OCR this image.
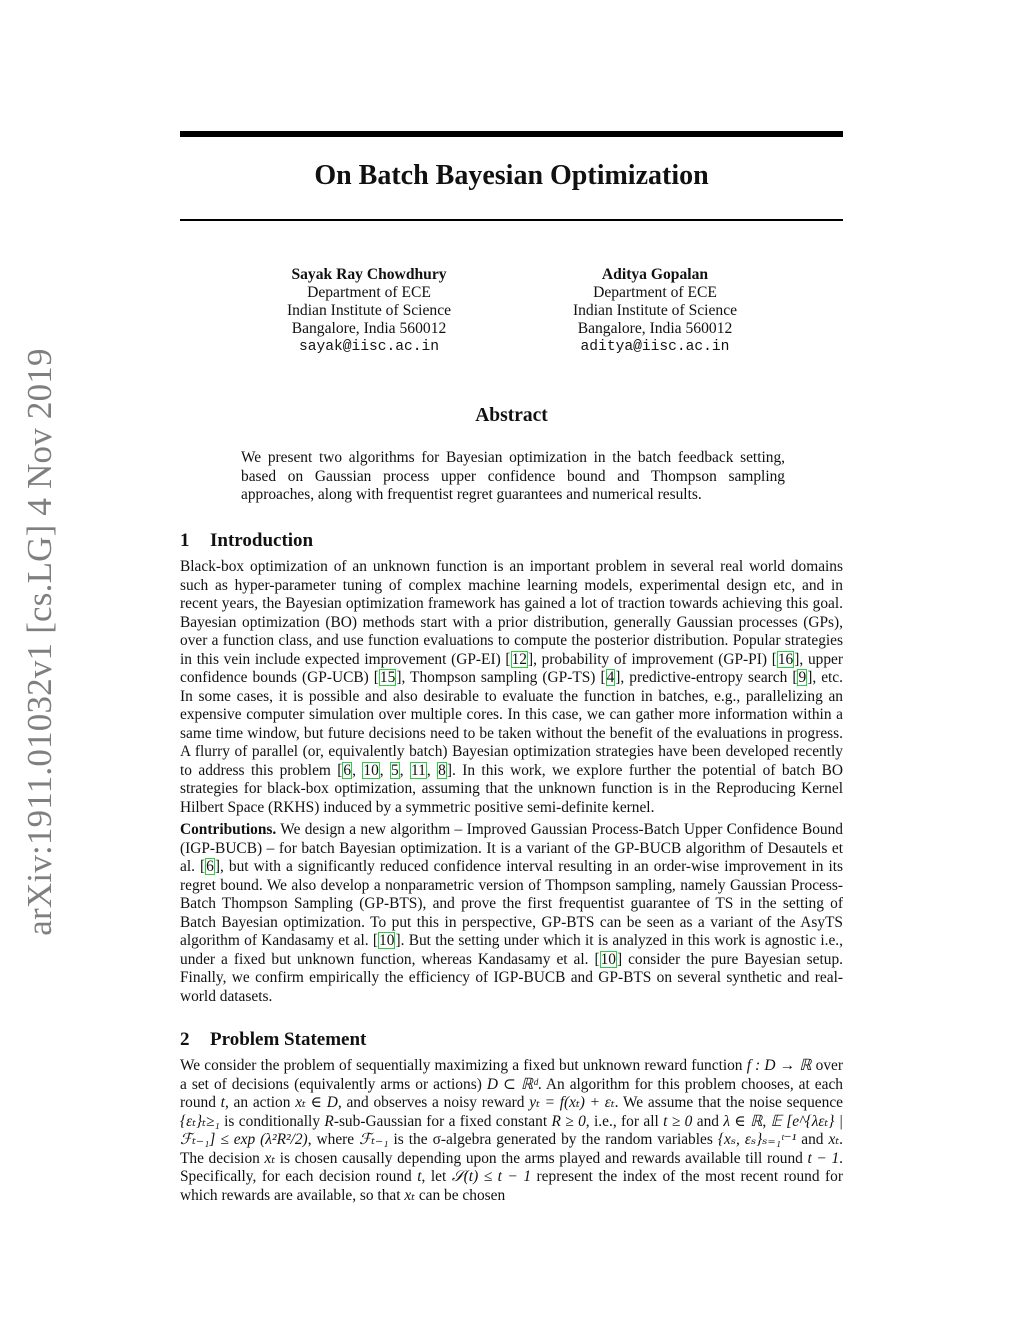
arXiv:1911.01032v1 [cs.LG] 4 Nov 2019
On Batch Bayesian Optimization
Sayak Ray Chowdhury
Department of ECE
Indian Institute of Science
Bangalore, India 560012
sayak@iisc.ac.in
Aditya Gopalan
Department of ECE
Indian Institute of Science
Bangalore, India 560012
aditya@iisc.ac.in
Abstract
We present two algorithms for Bayesian optimization in the batch feedback setting, based on Gaussian process upper confidence bound and Thompson sampling approaches, along with frequentist regret guarantees and numerical results.
1 Introduction

Black-box optimization of an unknown function is an important problem in several real world domains such as hyper-parameter tuning of complex machine learning models, experimental design etc, and in recent years, the Bayesian optimization framework has gained a lot of traction towards achieving this goal. Bayesian optimization (BO) methods start with a prior distribution, generally Gaussian processes (GPs), over a function class, and use function evaluations to compute the posterior distribution. Popular strategies in this vein include expected improvement (GP-EI) [12], probability of improvement (GP-PI) [16], upper confidence bounds (GP-UCB) [15], Thompson sampling (GP-TS) [4], predictive-entropy search [9], etc. In some cases, it is possible and also desirable to evaluate the function in batches, e.g., parallelizing an expensive computer simulation over multiple cores. In this case, we can gather more information within a same time window, but future decisions need to be taken without the benefit of the evaluations in progress. A flurry of parallel (or, equivalently batch) Bayesian optimization strategies have been developed recently to address this problem [6, 10, 5, 11, 8]. In this work, we explore further the potential of batch BO strategies for black-box optimization, assuming that the unknown function is in the Reproducing Kernel Hilbert Space (RKHS) induced by a symmetric positive semi-definite kernel.

Contributions. We design a new algorithm – Improved Gaussian Process-Batch Upper Confidence Bound (IGP-BUCB) – for batch Bayesian optimization. It is a variant of the GP-BUCB algorithm of Desautels et al. [6], but with a significantly reduced confidence interval resulting in an order-wise improvement in its regret bound. We also develop a nonparametric version of Thompson sampling, namely Gaussian Process-Batch Thompson Sampling (GP-BTS), and prove the first frequentist guarantee of TS in the setting of Batch Bayesian optimization. To put this in perspective, GP-BTS can be seen as a variant of the AsyTS algorithm of Kandasamy et al. [10]. But the setting under which it is analyzed in this work is agnostic i.e., under a fixed but unknown function, whereas Kandasamy et al. [10] consider the pure Bayesian setup. Finally, we confirm empirically the efficiency of IGP-BUCB and GP-BTS on several synthetic and real-world datasets.

2 Problem Statement

We consider the problem of sequentially maximizing a fixed but unknown reward function f : D → ℝ over a set of decisions (equivalently arms or actions) D ⊂ ℝᵈ. An algorithm for this problem chooses, at each round t, an action xₜ ∈ D, and observes a noisy reward yₜ = f(xₜ) + εₜ. We assume that the noise sequence {εₜ}ₜ≥₁ is conditionally R-sub-Gaussian for a fixed constant R ≥ 0, i.e., for all t ≥ 0 and λ ∈ ℝ, 𝔼 [e^{λεₜ} | ℱₜ₋₁] ≤ exp (λ²R²/2), where ℱₜ₋₁ is the σ-algebra generated by the random variables {xₛ, εₛ}ₛ₌₁ᵗ⁻¹ and xₜ. The decision xₜ is chosen causally depending upon the arms played and rewards available till round t − 1. Specifically, for each decision round t, let 𝒮(t) ≤ t − 1 represent the index of the most recent round for which rewards are available, so that xₜ can be chosen
